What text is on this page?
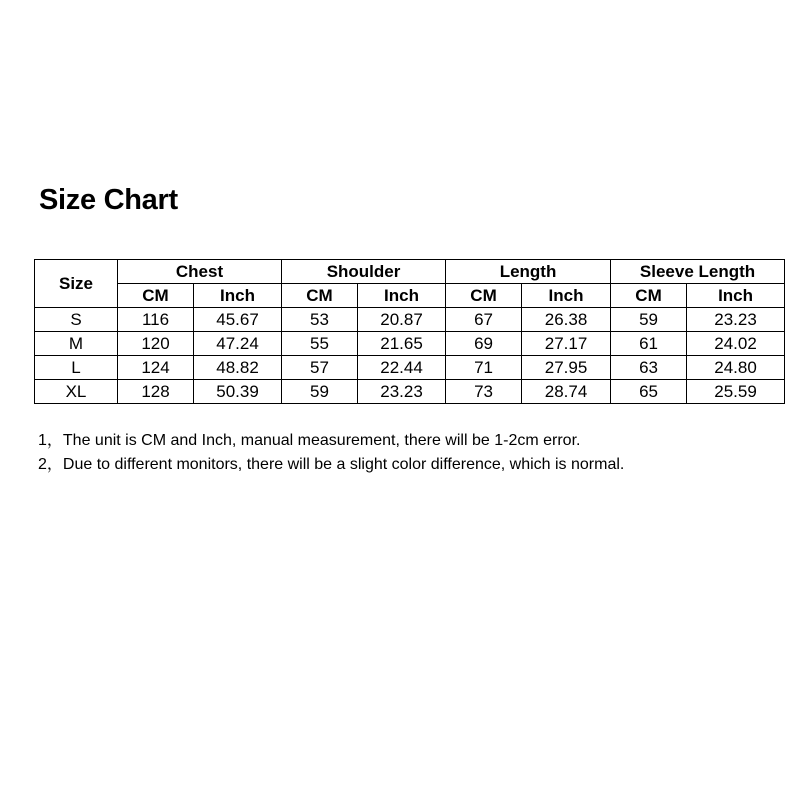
Size Chart
Size	Chest		Shoulder		Length		Sleeve Length	
	CM	Inch	CM	Inch	CM	Inch	CM	Inch
S	116	45.67	53	20.87	67	26.38	59	23.23
M	120	47.24	55	21.65	69	27.17	61	24.02
L	124	48.82	57	22.44	71	27.95	63	24.80
XL	128	50.39	59	23.23	73	28.74	65	25.59
1，The unit is CM and Inch, manual measurement, there will be 1-2cm error.
2，Due to different monitors, there will be a slight color difference, which is normal.
